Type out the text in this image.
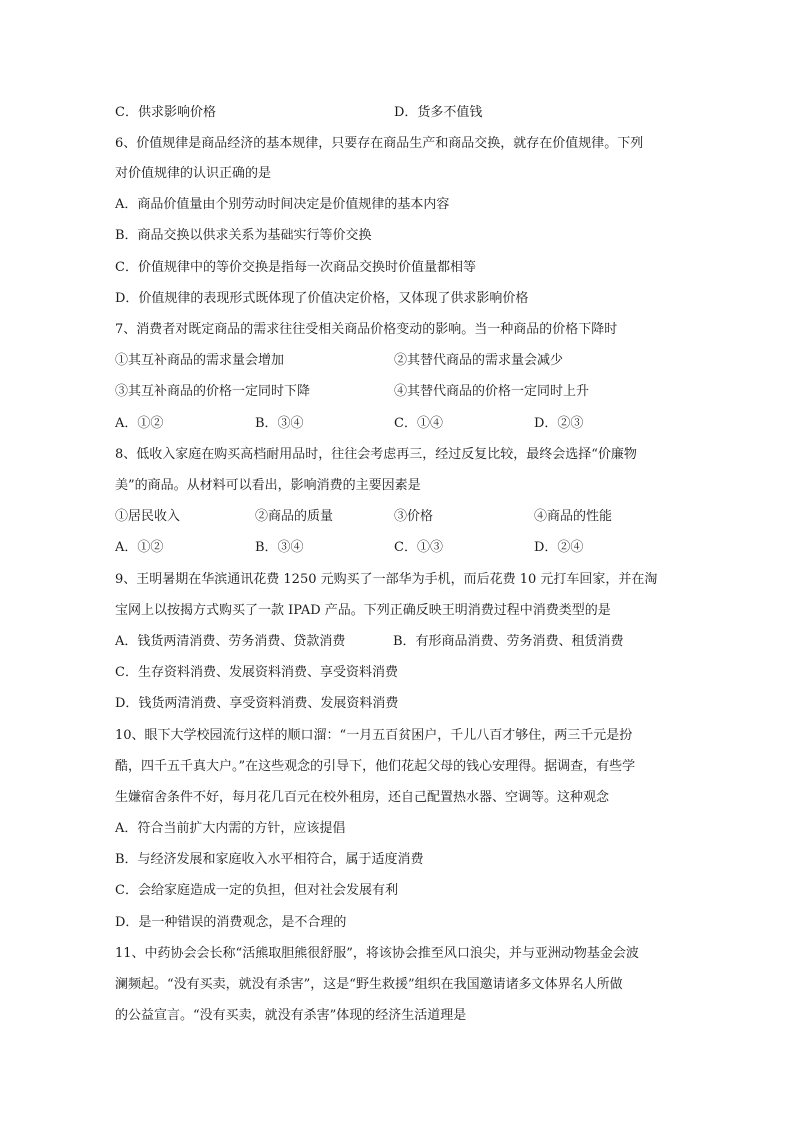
C．供求影响价格	D．货多不值钱
6、价值规律是商品经济的基本规律，只要存在商品生产和商品交换，就存在价值规律。下列
对价值规律的认识正确的是
A．商品价值量由个别劳动时间决定是价值规律的基本内容
B．商品交换以供求关系为基础实行等价交换
C．价值规律中的等价交换是指每一次商品交换时价值量都相等
D．价值规律的表现形式既体现了价值决定价格，又体现了供求影响价格
7、消费者对既定商品的需求往往受相关商品价格变动的影响。当一种商品的价格下降时
①其互补商品的需求量会增加	②其替代商品的需求量会减少
③其互补商品的价格一定同时下降	④其替代商品的价格一定同时上升
A．①②	B．③④	C．①④	D．②③
8、低收入家庭在购买高档耐用品时，往往会考虑再三，经过反复比较，最终会选择“价廉物
美”的商品。从材料可以看出，影响消费的主要因素是
①居民收入	②商品的质量	③价格	④商品的性能
A．①②	B．③④	C．①③	D．②④
9、王明暑期在华滨通讯花费 1250 元购买了一部华为手机，而后花费 10 元打车回家，并在淘
宝网上以按揭方式购买了一款 IPAD 产品。下列正确反映王明消费过程中消费类型的是
A．钱货两清消费、劳务消费、贷款消费	B．有形商品消费、劳务消费、租赁消费
C．生存资料消费、发展资料消费、享受资料消费
D．钱货两清消费、享受资料消费、发展资料消费
10、眼下大学校园流行这样的顺口溜：“一月五百贫困户，千儿八百才够住，两三千元是扮
酷，四千五千真大户。”在这些观念的引导下，他们花起父母的钱心安理得。据调查，有些学
生嫌宿舍条件不好，每月花几百元在校外租房，还自己配置热水器、空调等。这种观念
A．符合当前扩大内需的方针，应该提倡
B．与经济发展和家庭收入水平相符合，属于适度消费
C．会给家庭造成一定的负担，但对社会发展有利
D．是一种错误的消费观念，是不合理的
11、中药协会会长称“活熊取胆熊很舒服”，将该协会推至风口浪尖，并与亚洲动物基金会波
澜频起。“没有买卖，就没有杀害”，这是“野生救援”组织在我国邀请诸多文体界名人所做
的公益宣言。“没有买卖，就没有杀害”体现的经济生活道理是
